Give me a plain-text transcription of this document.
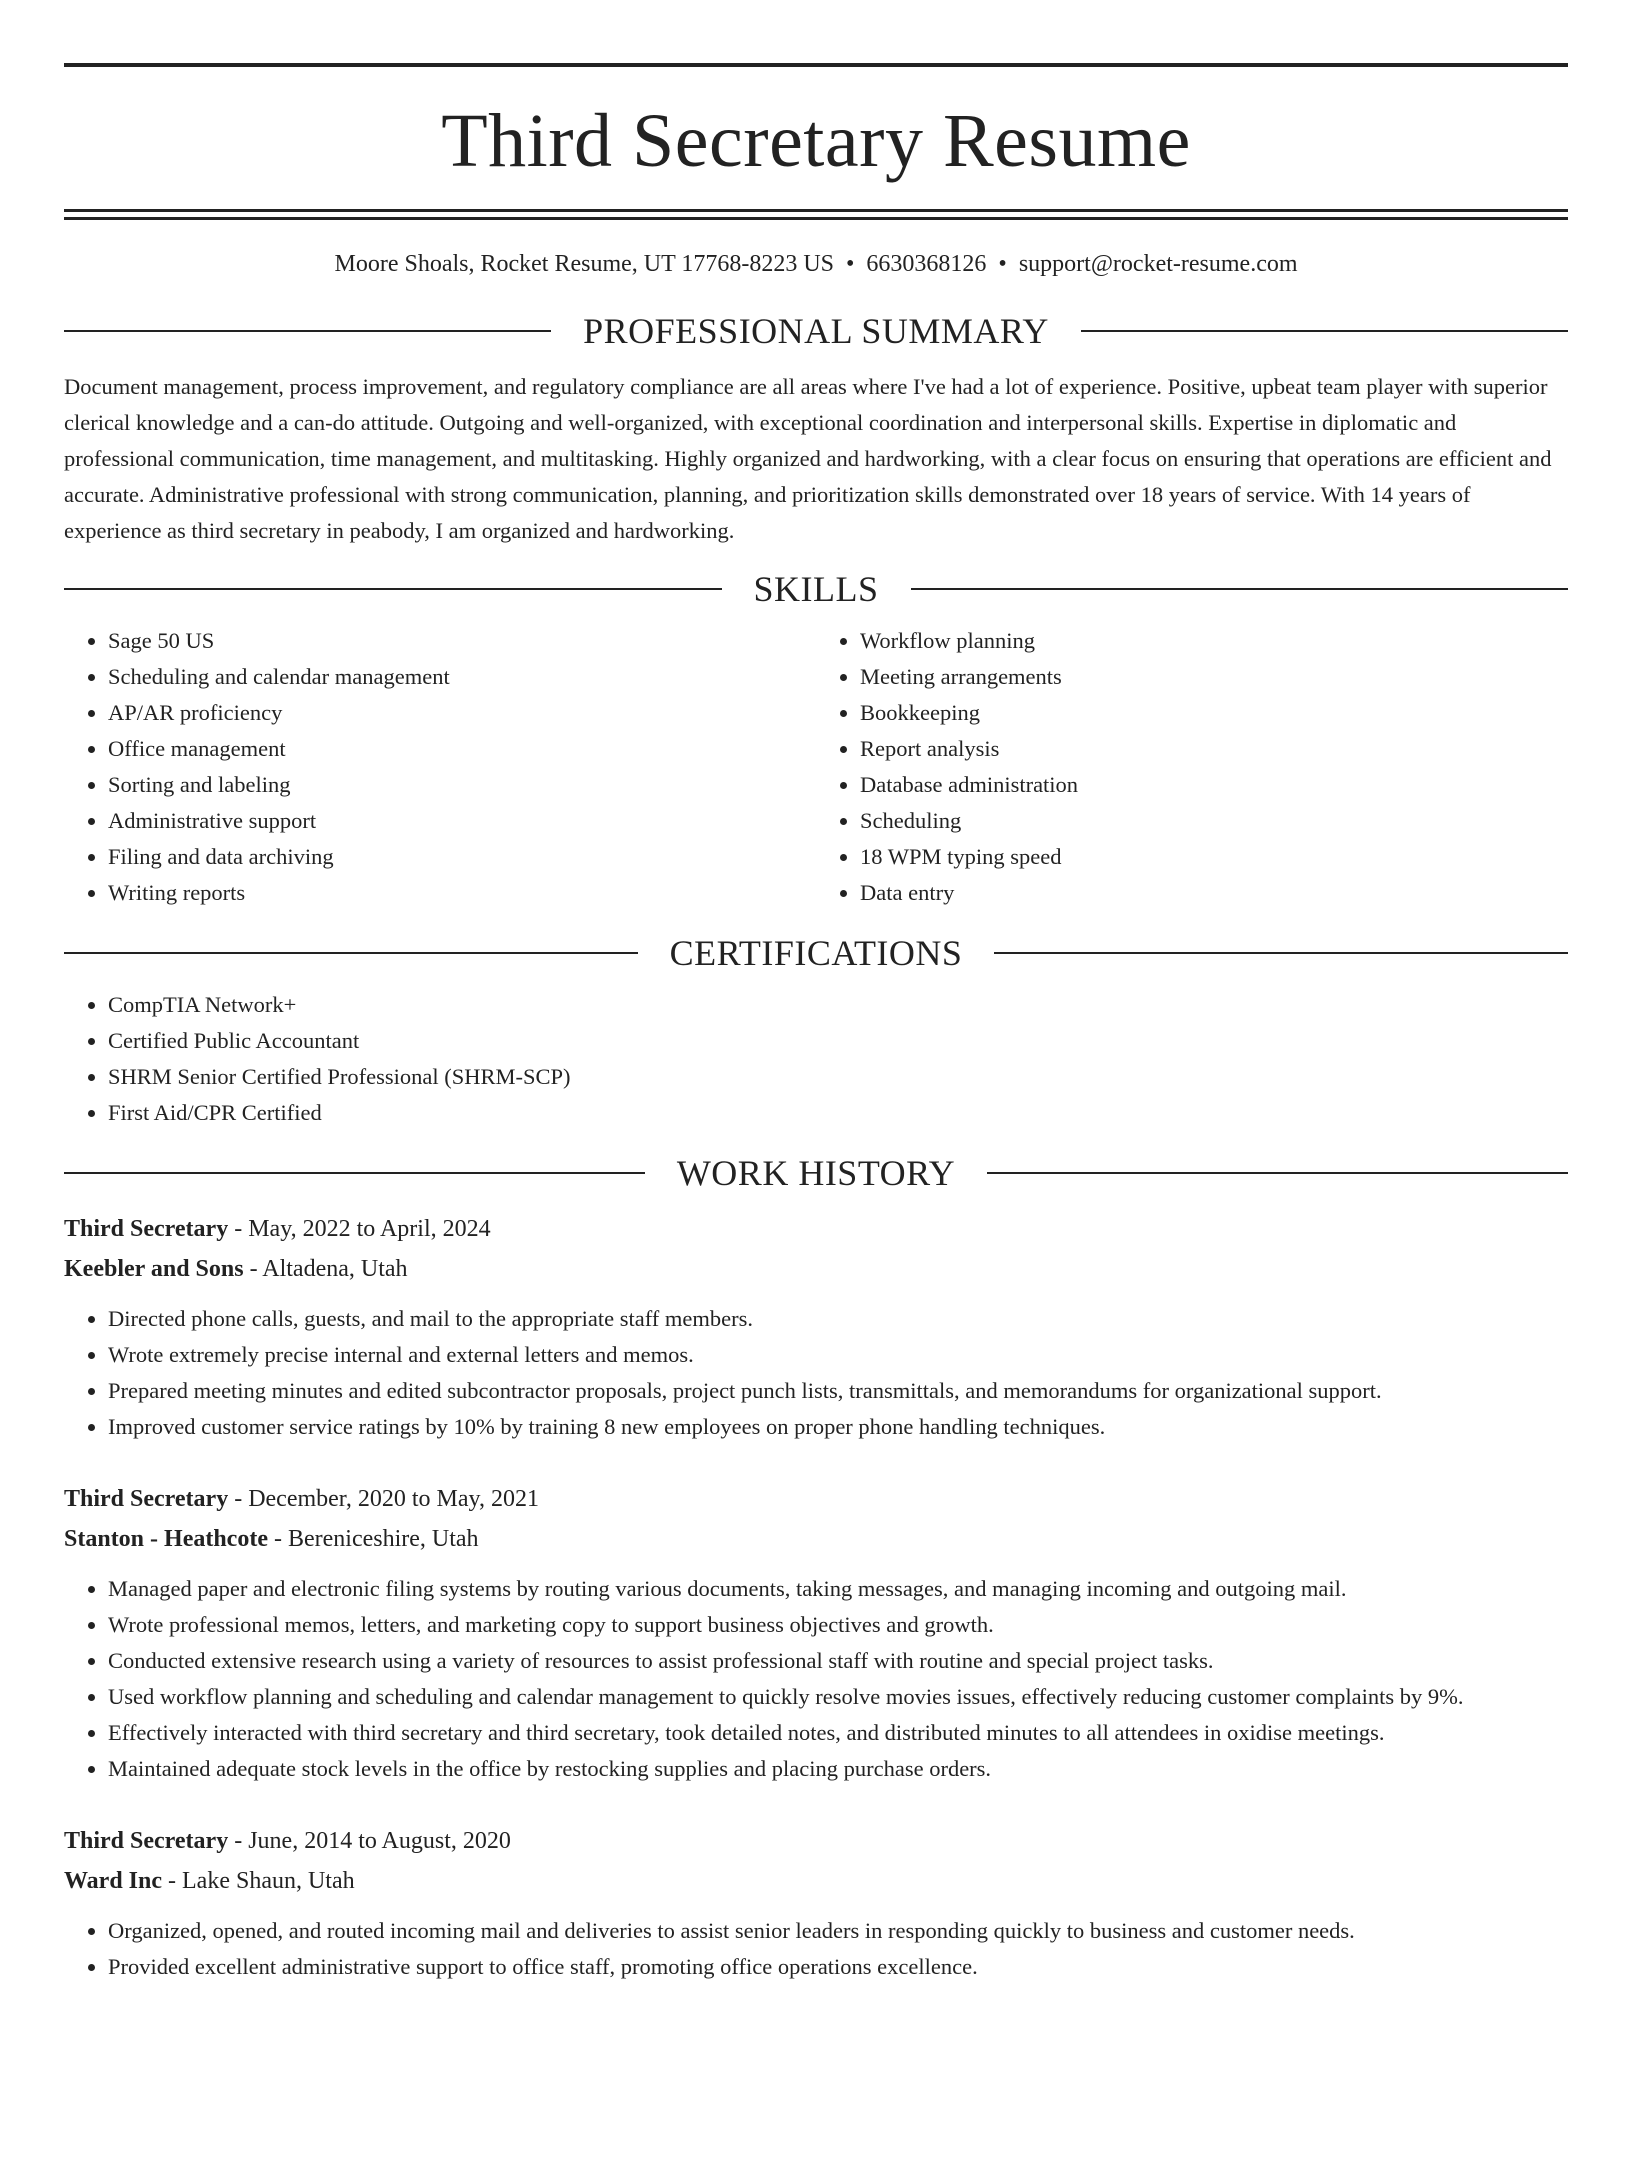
Third Secretary Resume
Moore Shoals, Rocket Resume, UT 17768-8223 US • 6630368126 • support@rocket-resume.com
PROFESSIONAL SUMMARY

Document management, process improvement, and regulatory compliance are all areas where I've had a lot of experience. Positive, upbeat team player with superior clerical knowledge and a can-do attitude. Outgoing and well-organized, with exceptional coordination and interpersonal skills. Expertise in diplomatic and professional communication, time management, and multitasking. Highly organized and hardworking, with a clear focus on ensuring that operations are efficient and accurate. Administrative professional with strong communication, planning, and prioritization skills demonstrated over 18 years of service. With 14 years of experience as third secretary in peabody, I am organized and hardworking.

SKILLS
• Sage 50 US
• Scheduling and calendar management
• AP/AR proficiency
• Office management
• Sorting and labeling
• Administrative support
• Filing and data archiving
• Writing reports
• Workflow planning
• Meeting arrangements
• Bookkeeping
• Report analysis
• Database administration
• Scheduling
• 18 WPM typing speed
• Data entry
CERTIFICATIONS
• CompTIA Network+
• Certified Public Accountant
• SHRM Senior Certified Professional (SHRM-SCP)
• First Aid/CPR Certified
WORK HISTORY
Third Secretary - May, 2022 to April, 2024
Keebler and Sons - Altadena, Utah
• Directed phone calls, guests, and mail to the appropriate staff members.
• Wrote extremely precise internal and external letters and memos.
• Prepared meeting minutes and edited subcontractor proposals, project punch lists, transmittals, and memorandums for organizational support.
• Improved customer service ratings by 10% by training 8 new employees on proper phone handling techniques.
Third Secretary - December, 2020 to May, 2021
Stanton - Heathcote - Bereniceshire, Utah
• Managed paper and electronic filing systems by routing various documents, taking messages, and managing incoming and outgoing mail.
• Wrote professional memos, letters, and marketing copy to support business objectives and growth.
• Conducted extensive research using a variety of resources to assist professional staff with routine and special project tasks.
• Used workflow planning and scheduling and calendar management to quickly resolve movies issues, effectively reducing customer complaints by 9%.
• Effectively interacted with third secretary and third secretary, took detailed notes, and distributed minutes to all attendees in oxidise meetings.
• Maintained adequate stock levels in the office by restocking supplies and placing purchase orders.
Third Secretary - June, 2014 to August, 2020
Ward Inc - Lake Shaun, Utah
• Organized, opened, and routed incoming mail and deliveries to assist senior leaders in responding quickly to business and customer needs.
• Provided excellent administrative support to office staff, promoting office operations excellence.
